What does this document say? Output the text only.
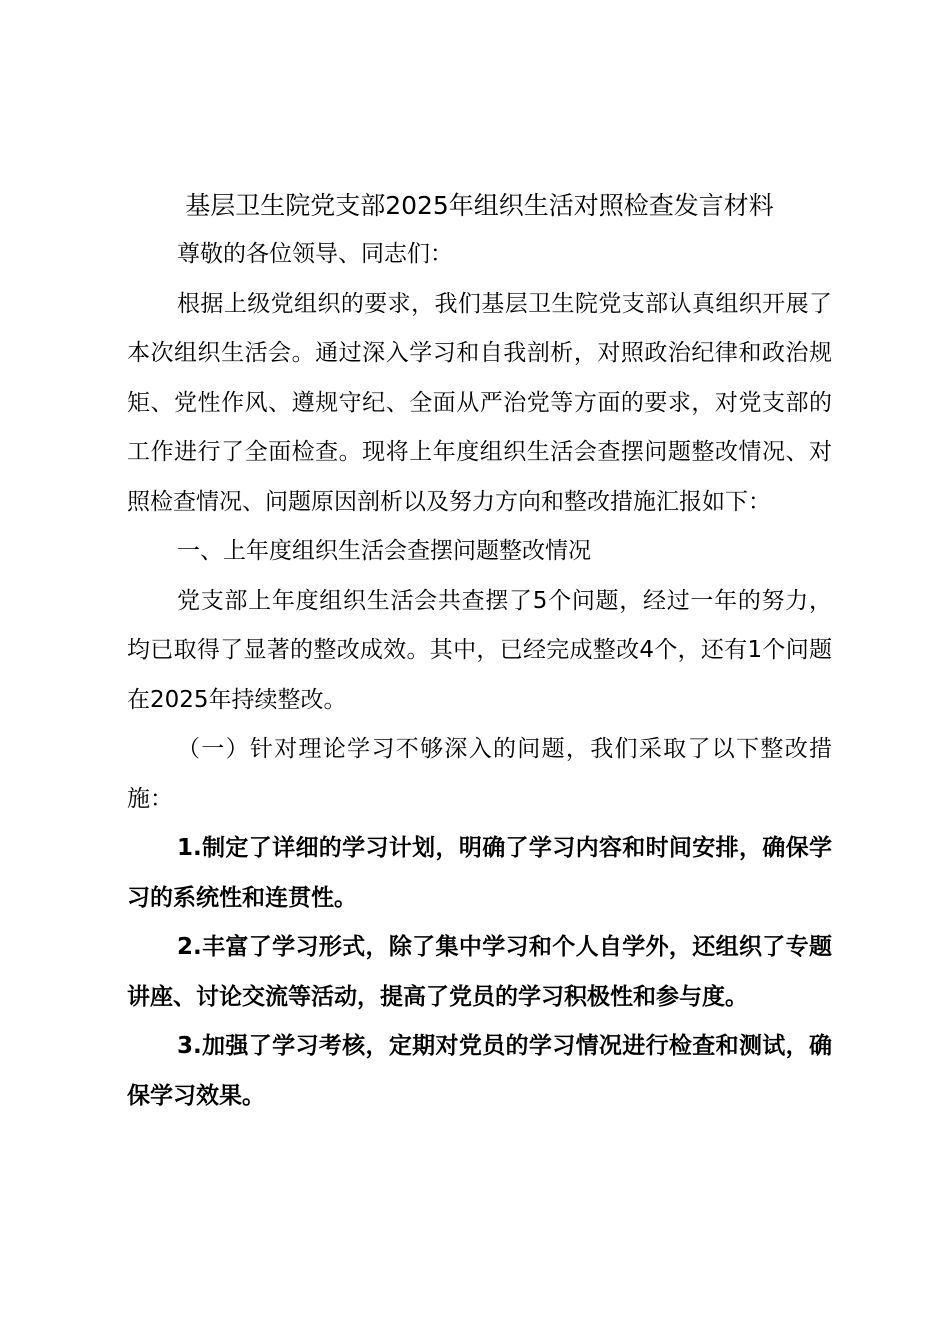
基层卫生院党支部2025年组织生活对照检查发言材料

尊敬的各位领导、同志们：

根据上级党组织的要求，我们基层卫生院党支部认真组织开展了本次组织生活会。通过深入学习和自我剖析，对照政治纪律和政治规矩、党性作风、遵规守纪、全面从严治党等方面的要求，对党支部的工作进行了全面检查。现将上年度组织生活会查摆问题整改情况、对照检查情况、问题原因剖析以及努力方向和整改措施汇报如下：

一、上年度组织生活会查摆问题整改情况

党支部上年度组织生活会共查摆了5个问题，经过一年的努力，均已取得了显著的整改成效。其中，已经完成整改4个，还有1个问题在2025年持续整改。

（一）针对理论学习不够深入的问题，我们采取了以下整改措施：

1.制定了详细的学习计划，明确了学习内容和时间安排，确保学习的系统性和连贯性。

2.丰富了学习形式，除了集中学习和个人自学外，还组织了专题讲座、讨论交流等活动，提高了党员的学习积极性和参与度。

3.加强了学习考核，定期对党员的学习情况进行检查和测试，确保学习效果。
